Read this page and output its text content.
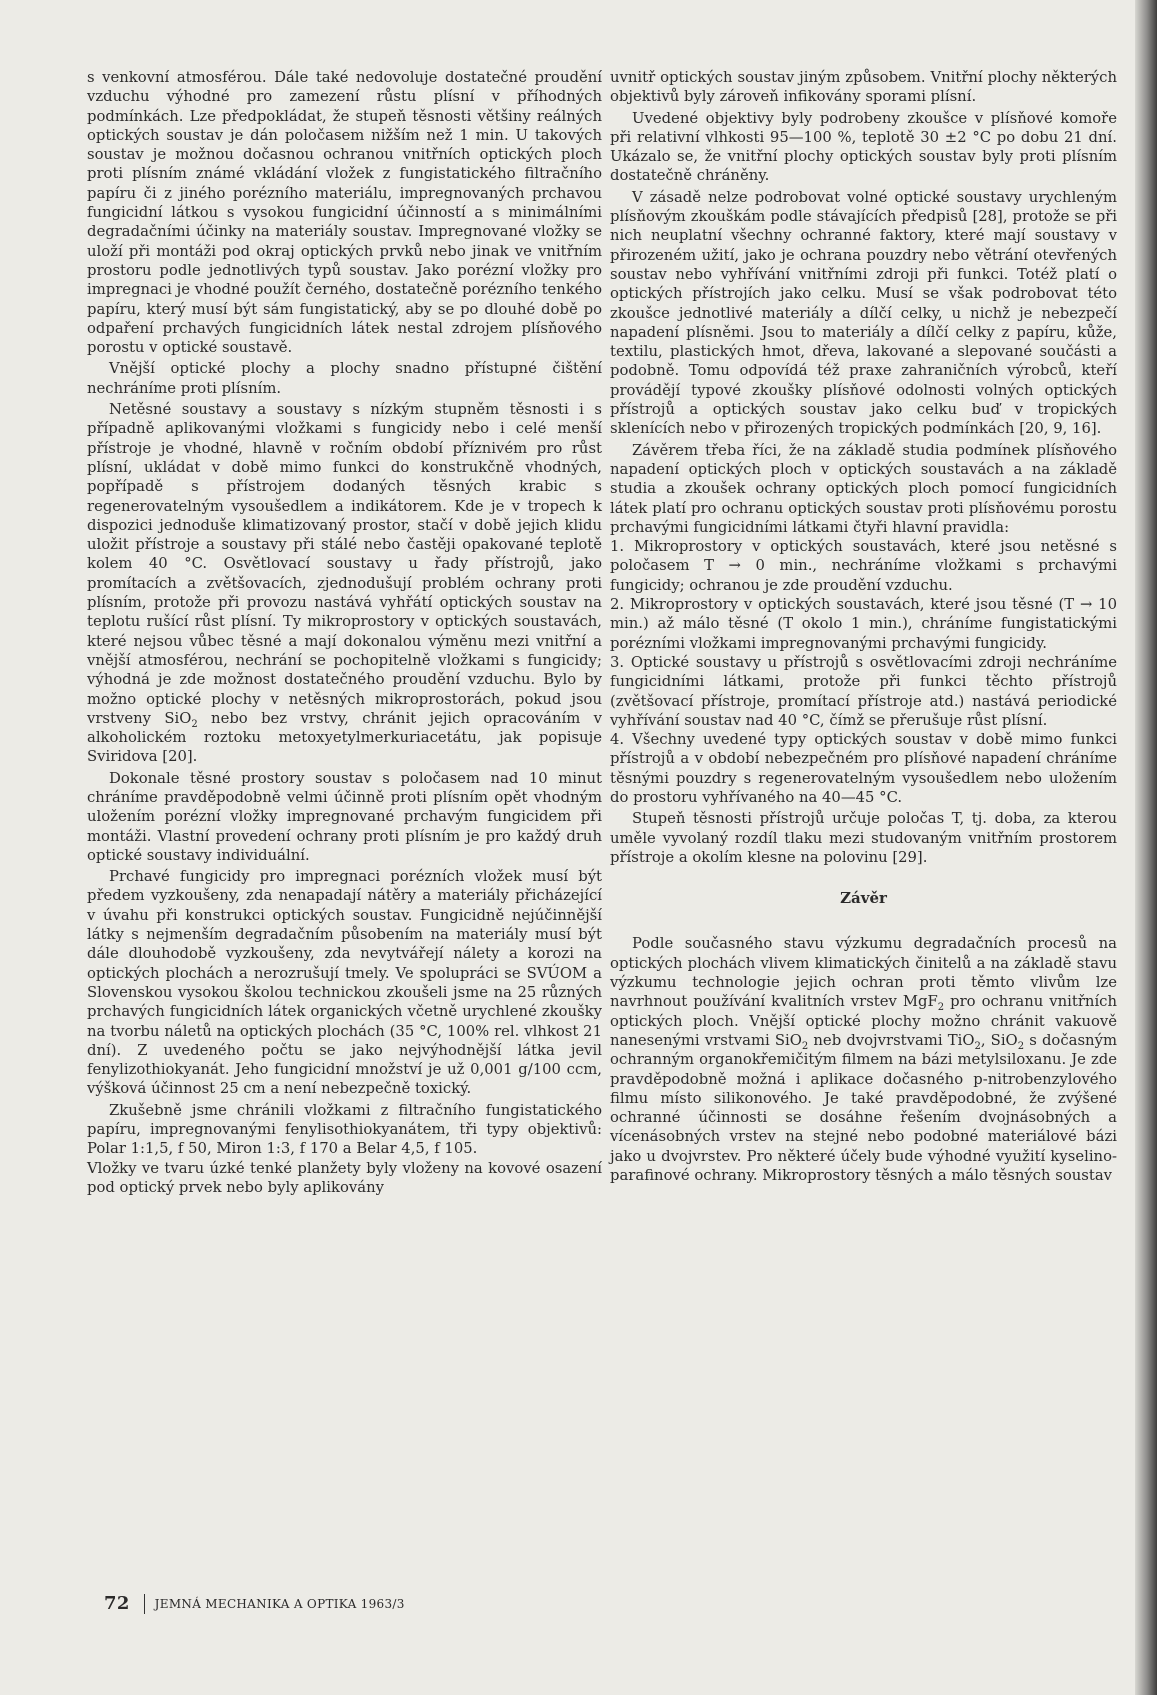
s venkovní atmosférou. Dále také nedovoluje dostatečné proudění vzduchu výhodné pro zamezení růstu plísní v příhodných podmínkách. Lze předpokládat, že stupeň těsnosti většiny reálných optických soustav je dán poločasem nižším než 1 min. U takových soustav je možnou dočasnou ochranou vnitřních optických ploch proti plísním známé vkládání vložek z fungistatického filtračního papíru či z jiného porézního materiálu, impregnovaných prchavou fungicidní látkou s vysokou fungicidní účinností a s minimálními degradačními účinky na materiály soustav. Impregnované vložky se uloží při montáži pod okraj optických prvků nebo jinak ve vnitřním prostoru podle jednotlivých typů soustav. Jako porézní vložky pro impregnaci je vhodné použít černého, dostatečně porézního tenkého papíru, který musí být sám fungistatický, aby se po dlouhé době po odpaření prchavých fungicidních látek nestal zdrojem plísňového porostu v optické soustavě.

Vnější optické plochy a plochy snadno přístupné čištění nechráníme proti plísním.

Netěsné soustavy a soustavy s nízkým stupněm těsnosti i s případně aplikovanými vložkami s fungicidy nebo i celé menší přístroje je vhodné, hlavně v ročním období příznivém pro růst plísní, ukládat v době mimo funkci do konstrukčně vhodných, popřípadě s přístrojem dodaných těsných krabic s regenerovatelným vysoušedlem a indikátorem. Kde je v tropech k dispozici jednoduše klimatizovaný prostor, stačí v době jejich klidu uložit přístroje a soustavy při stálé nebo častěji opakované teplotě kolem 40 °C. Osvětlovací soustavy u řady přístrojů, jako promítacích a zvětšovacích, zjednodušují problém ochrany proti plísním, protože při provozu nastává vyhřátí optických soustav na teplotu rušící růst plísní. Ty mikroprostory v optických soustavách, které nejsou vůbec těsné a mají dokonalou výměnu mezi vnitřní a vnější atmosférou, nechrání se pochopitelně vložkami s fungicidy; výhodná je zde možnost dostatečného proudění vzduchu. Bylo by možno optické plochy v netěsných mikroprostorách, pokud jsou vrstveny SiO$_2$ nebo bez vrstvy, chránit jejich opracováním v alkoholickém roztoku metoxyetylmerkuriacetátu, jak popisuje Sviridova [20].

Dokonale těsné prostory soustav s poločasem nad 10 minut chráníme pravděpodobně velmi účinně proti plísním opět vhodným uložením porézní vložky impregnované prchavým fungicidem při montáži. Vlastní provedení ochrany proti plísním je pro každý druh optické soustavy individuální.

Prchavé fungicidy pro impregnaci porézních vložek musí být předem vyzkoušeny, zda nenapadají nátěry a materiály přicházející v úvahu při konstrukci optických soustav. Fungicidně nejúčinnější látky s nejmenším degradačním působením na materiály musí být dále dlouhodobě vyzkoušeny, zda nevytvářejí nálety a korozi na optických plochách a nerozrušují tmely. Ve spolupráci se SVÚOM a Slovenskou vysokou školou technickou zkoušeli jsme na 25 různých prchavých fungicidních látek organických včetně urychlené zkoušky na tvorbu náletů na optických plochách (35 °C, 100% rel. vlhkost 21 dní). Z uvedeného počtu se jako nejvýhodnější látka jevil fenylizothiokyanát. Jeho fungicidní množství je už 0,001 g/100 ccm, výšková účinnost 25 cm a není nebezpečně toxický.

Zkušebně jsme chránili vložkami z filtračního fungistatického papíru, impregnovanými fenylisothiokyanátem, tři typy objektivů: Polar 1:1,5, f 50, Miron 1:3, f 170 a Belar 4,5, f 105.

Vložky ve tvaru úzké tenké planžety byly vloženy na kovové osazení pod optický prvek nebo byly aplikovány

uvnitř optických soustav jiným způsobem. Vnitřní plochy některých objektivů byly zároveň infikovány sporami plísní.

Uvedené objektivy byly podrobeny zkoušce v plísňové komoře při relativní vlhkosti 95—100 %, teplotě 30 ±2 °C po dobu 21 dní. Ukázalo se, že vnitřní plochy optických soustav byly proti plísním dostatečně chráněny.

V zásadě nelze podrobovat volné optické soustavy urychleným plísňovým zkouškám podle stávajících předpisů [28], protože se při nich neuplatní všechny ochranné faktory, které mají soustavy v přirozeném užití, jako je ochrana pouzdry nebo větrání otevřených soustav nebo vyhřívání vnitřními zdroji při funkci. Totéž platí o optických přístrojích jako celku. Musí se však podrobovat této zkoušce jednotlivé materiály a dílčí celky, u nichž je nebezpečí napadení plísněmi. Jsou to materiály a dílčí celky z papíru, kůže, textilu, plastických hmot, dřeva, lakované a slepované součásti a podobně. Tomu odpovídá též praxe zahraničních výrobců, kteří provádějí typové zkoušky plísňové odolnosti volných optických přístrojů a optických soustav jako celku buď v tropických sklenících nebo v přirozených tropických podmínkách [20, 9, 16].

Závěrem třeba říci, že na základě studia podmínek plísňového napadení optických ploch v optických soustavách a na základě studia a zkoušek ochrany optických ploch pomocí fungicidních látek platí pro ochranu optických soustav proti plísňovému porostu prchavými fungicidními látkami čtyři hlavní pravidla:

1. Mikroprostory v optických soustavách, které jsou netěsné s poločasem T → 0 min., nechráníme vložkami s prchavými fungicidy; ochranou je zde proudění vzduchu.

2. Mikroprostory v optických soustavách, které jsou těsné (T → 10 min.) až málo těsné (T okolo 1 min.), chráníme fungistatickými porézními vložkami impregnovanými prchavými fungicidy.

3. Optické soustavy u přístrojů s osvětlovacími zdroji nechráníme fungicidními látkami, protože při funkci těchto přístrojů (zvětšovací přístroje, promítací přístroje atd.) nastává periodické vyhřívání soustav nad 40 °C, čímž se přerušuje růst plísní.

4. Všechny uvedené typy optických soustav v době mimo funkci přístrojů a v období nebezpečném pro plísňové napadení chráníme těsnými pouzdry s regenerovatelným vysoušedlem nebo uložením do prostoru vyhřívaného na 40—45 °C.

Stupeň těsnosti přístrojů určuje poločas T, tj. doba, za kterou uměle vyvolaný rozdíl tlaku mezi studovaným vnitřním prostorem přístroje a okolím klesne na polovinu [29].

Závěr

Podle současného stavu výzkumu degradačních procesů na optických plochách vlivem klimatických činitelů a na základě stavu výzkumu technologie jejich ochran proti těmto vlivům lze navrhnout používání kvalitních vrstev MgF$_2$ pro ochranu vnitřních optických ploch. Vnější optické plochy možno chránit vakuově nanesenými vrstvami SiO$_2$ neb dvojvrstvami TiO$_2$, SiO$_2$ s dočasným ochranným organokřemičitým filmem na bázi metylsiloxanu. Je zde pravděpodobně možná i aplikace dočasného p-nitrobenzylového filmu místo silikonového. Je také pravděpodobné, že zvýšené ochranné účinnosti se dosáhne řešením dvojnásobných a vícenásobných vrstev na stejné nebo podobné materiálové bázi jako u dvojvrstev. Pro některé účely bude výhodné využití kyselino-parafinové ochrany. Mikroprostory těsných a málo těsných soustav

72 JEMNÁ MECHANIKA A OPTIKA 1963/3
